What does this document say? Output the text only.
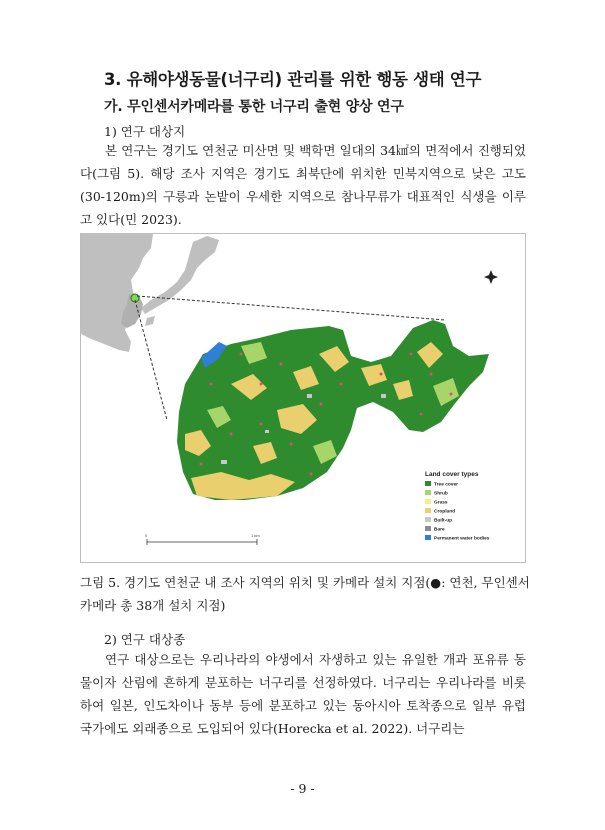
3. 유해야생동물(너구리) 관리를 위한 행동 생태 연구
가. 무인센서카메라를 통한 너구리 출현 양상 연구
1) 연구 대상지
본 연구는 경기도 연천군 미산면 및 백학면 일대의 34㎢의 면적에서 진행되었다(그림 5). 해당 조사 지역은 경기도 최북단에 위치한 민북지역으로 낮은 고도(30-120m)의 구릉과 논밭이 우세한 지역으로 참나무류가 대표적인 식생을 이루고 있다(민 2023).
Land cover types
Tree cover
Shrub
Grass
Cropland
Built-up
Bare
Permanent water bodies
0	1 km
그림 5. 경기도 연천군 내 조사 지역의 위치 및 카메라 설치 지점(●: 연천, 무인센서카메라 총 38개 설치 지점)
2) 연구 대상종
연구 대상으로는 우리나라의 야생에서 자생하고 있는 유일한 개과 포유류 동물이자 산림에 흔하게 분포하는 너구리를 선정하였다. 너구리는 우리나라를 비롯하여 일본, 인도차이나 동부 등에 분포하고 있는 동아시아 토착종으로 일부 유럽 국가에도 외래종으로 도입되어 있다(Horecka et al. 2022). 너구리는
- 9 -
